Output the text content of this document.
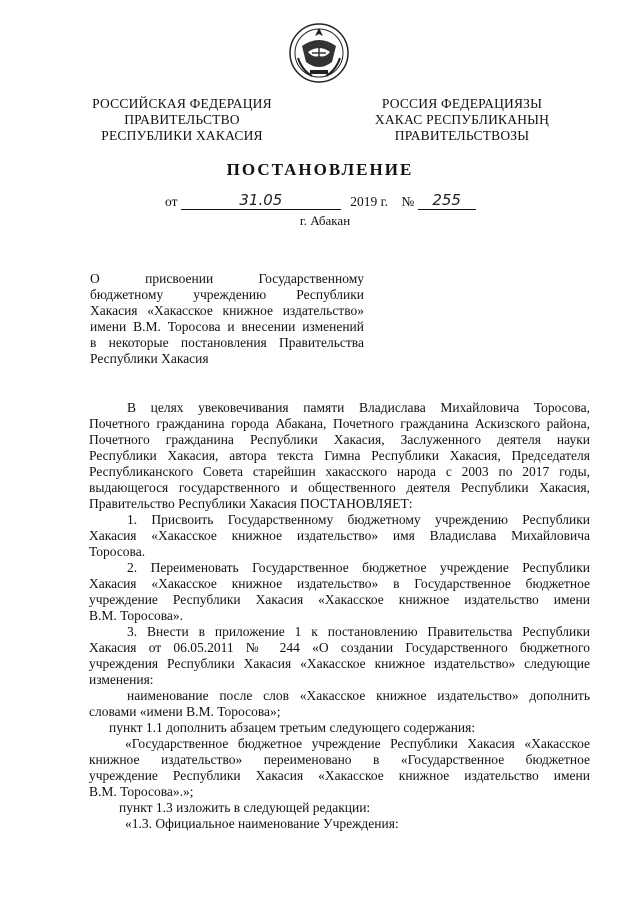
РОССИЙСКАЯ ФЕДЕРАЦИЯ
ПРАВИТЕЛЬСТВО
РЕСПУБЛИКИ ХАКАСИЯ
РОССИЯ ФЕДЕРАЦИЯЗЫ
ХАКАС РЕСПУБЛИКАНЫҢ
ПРАВИТЕЛЬСТВОЗЫ
ПОСТАНОВЛЕНИЕ
от	31.05	2019 г. № 255
г. Абакан
О присвоении Государственному
бюджетному учреждению Республики
Хакасия «Хакасское книжное издательство»
имени В.М. Торосова и внесении изменений
в некоторые постановления Правительства
Республики Хакасия
В целях увековечивания памяти Владислава Михайловича Торосова,
Почетного гражданина города Абакана, Почетного гражданина Аскизского района,
Почетного гражданина Республики Хакасия, Заслуженного деятеля науки
Республики Хакасия, автора текста Гимна Республики Хакасия, Председателя
Республиканского Совета старейшин хакасского народа с 2003 по 2017 годы,
выдающегося государственного и общественного деятеля Республики Хакасия,
Правительство Республики Хакасия ПОСТАНОВЛЯЕТ:
1. Присвоить Государственному бюджетному учреждению Республики
Хакасия «Хакасское книжное издательство» имя Владислава Михайловича
Торосова.
2. Переименовать Государственное бюджетное учреждение Республики
Хакасия «Хакасское книжное издательство» в Государственное бюджетное
учреждение Республики Хакасия «Хакасское книжное издательство имени
В.М. Торосова».
3. Внести в приложение 1 к постановлению Правительства Республики
Хакасия от 06.05.2011 № 244 «О создании Государственного бюджетного
учреждения Республики Хакасия «Хакасское книжное издательство» следующие
изменения:
наименование после слов «Хакасское книжное издательство» дополнить
словами «имени В.М. Торосова»;
пункт 1.1 дополнить абзацем третьим следующего содержания:
«Государственное бюджетное учреждение Республики Хакасия «Хакасское
книжное издательство» переименовано в «Государственное бюджетное
учреждение Республики Хакасия «Хакасское книжное издательство имени
В.М. Торосова».»;
пункт 1.3 изложить в следующей редакции:
«1.3. Официальное наименование Учреждения:
